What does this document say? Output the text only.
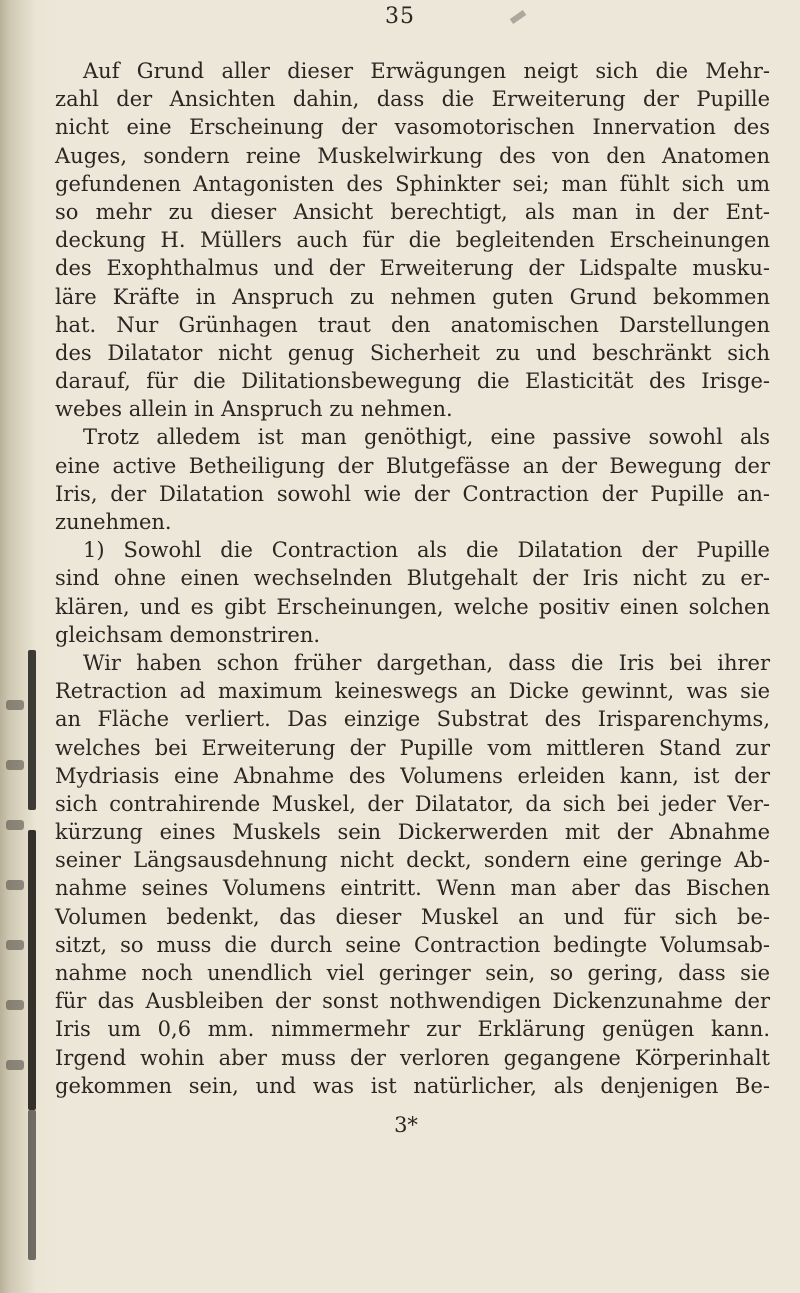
35
Auf Grund aller dieser Erwägungen neigt sich die Mehr-
zahl der Ansichten dahin, dass die Erweiterung der Pupille
nicht eine Erscheinung der vasomotorischen Innervation des
Auges, sondern reine Muskelwirkung des von den Anatomen
gefundenen Antagonisten des Sphinkter sei; man fühlt sich um
so mehr zu dieser Ansicht berechtigt, als man in der Ent-
deckung H. Müllers auch für die begleitenden Erscheinungen
des Exophthalmus und der Erweiterung der Lidspalte musku-
läre Kräfte in Anspruch zu nehmen guten Grund bekommen
hat. Nur Grünhagen traut den anatomischen Darstellungen
des Dilatator nicht genug Sicherheit zu und beschränkt sich
darauf, für die Dilitationsbewegung die Elasticität des Irisge-
webes allein in Anspruch zu nehmen.
Trotz alledem ist man genöthigt, eine passive sowohl als
eine active Betheiligung der Blutgefässe an der Bewegung der
Iris, der Dilatation sowohl wie der Contraction der Pupille an-
zunehmen.
1) Sowohl die Contraction als die Dilatation der Pupille
sind ohne einen wechselnden Blutgehalt der Iris nicht zu er-
klären, und es gibt Erscheinungen, welche positiv einen solchen
gleichsam demonstriren.
Wir haben schon früher dargethan, dass die Iris bei ihrer
Retraction ad maximum keineswegs an Dicke gewinnt, was sie
an Fläche verliert. Das einzige Substrat des Irisparenchyms,
welches bei Erweiterung der Pupille vom mittleren Stand zur
Mydriasis eine Abnahme des Volumens erleiden kann, ist der
sich contrahirende Muskel, der Dilatator, da sich bei jeder Ver-
kürzung eines Muskels sein Dickerwerden mit der Abnahme
seiner Längsausdehnung nicht deckt, sondern eine geringe Ab-
nahme seines Volumens eintritt. Wenn man aber das Bischen
Volumen bedenkt, das dieser Muskel an und für sich be-
sitzt, so muss die durch seine Contraction bedingte Volumsab-
nahme noch unendlich viel geringer sein, so gering, dass sie
für das Ausbleiben der sonst nothwendigen Dickenzunahme der
Iris um 0,6 mm. nimmermehr zur Erklärung genügen kann.
Irgend wohin aber muss der verloren gegangene Körperinhalt
gekommen sein, und was ist natürlicher, als denjenigen Be-
3*
